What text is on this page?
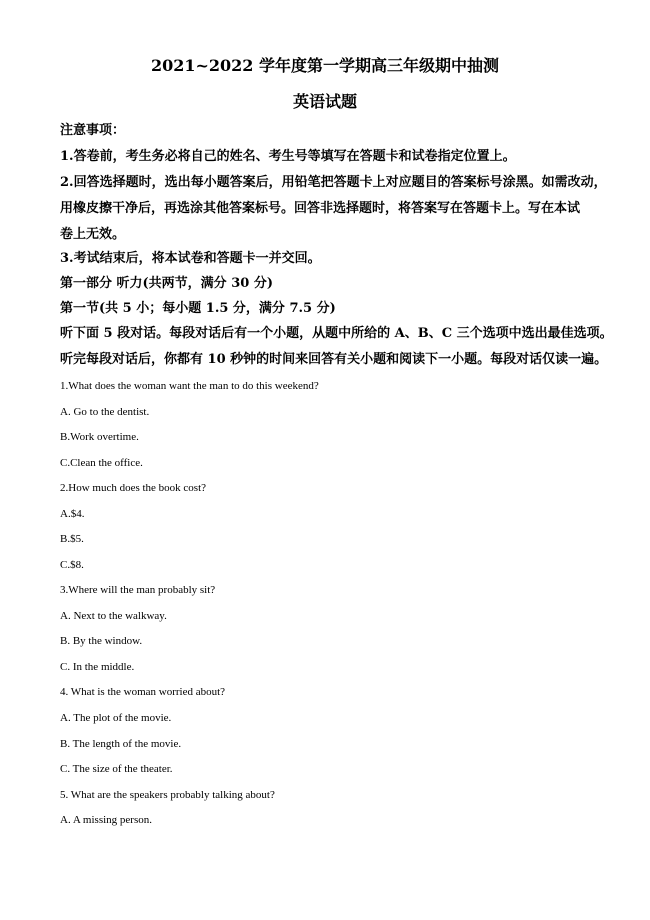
2021~2022 学年度第一学期高三年级期中抽测
英语试题
注意事项：
1.答卷前，考生务必将自己的姓名、考生号等填写在答题卡和试卷指定位置上。
2.回答选择题时，选出每小题答案后，用铅笔把答题卡上对应题目的答案标号涂黑。如需改动，
用橡皮擦干净后，再选涂其他答案标号。回答非选择题时，将答案写在答题卡上。写在本试
卷上无效。
3.考试结束后，将本试卷和答题卡一并交回。
第一部分 听力(共两节，满分 30 分)
第一节(共 5 小；每小题 1.5 分，满分 7.5 分)
听下面 5 段对话。每段对话后有一个小题，从题中所给的 A、B、C 三个选项中选出最佳选项。
听完每段对话后，你都有 10 秒钟的时间来回答有关小题和阅读下一小题。每段对话仅读一遍。
1.What does the woman want the man to do this weekend?
A. Go to the dentist.
B.Work overtime.
C.Clean the office.
2.How much does the book cost?
A.$4.
B.$5.
C.$8.
3.Where will the man probably sit?
A. Next to the walkway.
B. By the window.
C. In the middle.
4. What is the woman worried about?
A. The plot of the movie.
B. The length of the movie.
C. The size of the theater.
5. What are the speakers probably talking about?
A. A missing person.
